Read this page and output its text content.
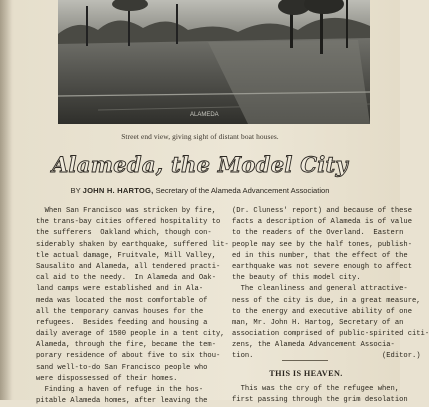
ALAMEDA
Street end view, giving sight of distant boat houses.
Alameda, the Model City
BY JOHN H. HARTOG, Secretary of the Alameda Advancement Association
When San Francisco was stricken by fire,
the trans-bay cities offered hospitality to
the sufferers  Oakland which, though con-
siderably shaken by earthquake, suffered lit-
tle actual damage, Fruitvale, Mill Valley,
Sausalito and Alameda, all tendered practi-
cal aid to the needy.  In Alameda and Oak-
land camps were established and in Ala-
meda was located the most comfortable of
all the temporary canvas houses for the
refugees.  Besides feeding and housing a
daily average of 1500 people in a tent city,
Alameda, through the fire, became the tem-
porary residence of about five to six thou-
sand well-to-do San Francisco people who
were dispossessed of their homes.
Finding a haven of refuge in the hos-
pitable Alameda homes, after leaving the
(Dr. Cluness' report) and because of these
facts a description of Alameda is of value
to the readers of the Overland.  Eastern
people may see by the half tones, publish-
ed in this number, that the effect of the
earthquake was not severe enough to affect
the beauty of this model city.
The cleanliness and general attractive-
ness of the city is due, in a great measure,
to the energy and executive ability of one
man, Mr. John H. Hartog, Secretary of an
association comprised of public-spirited citi-
zens, the Alameda Advancement Associa-
tion.                              (Editor.)
THIS IS HEAVEN.
This was the cry of the refugee when,
first passing through the grim desolation
